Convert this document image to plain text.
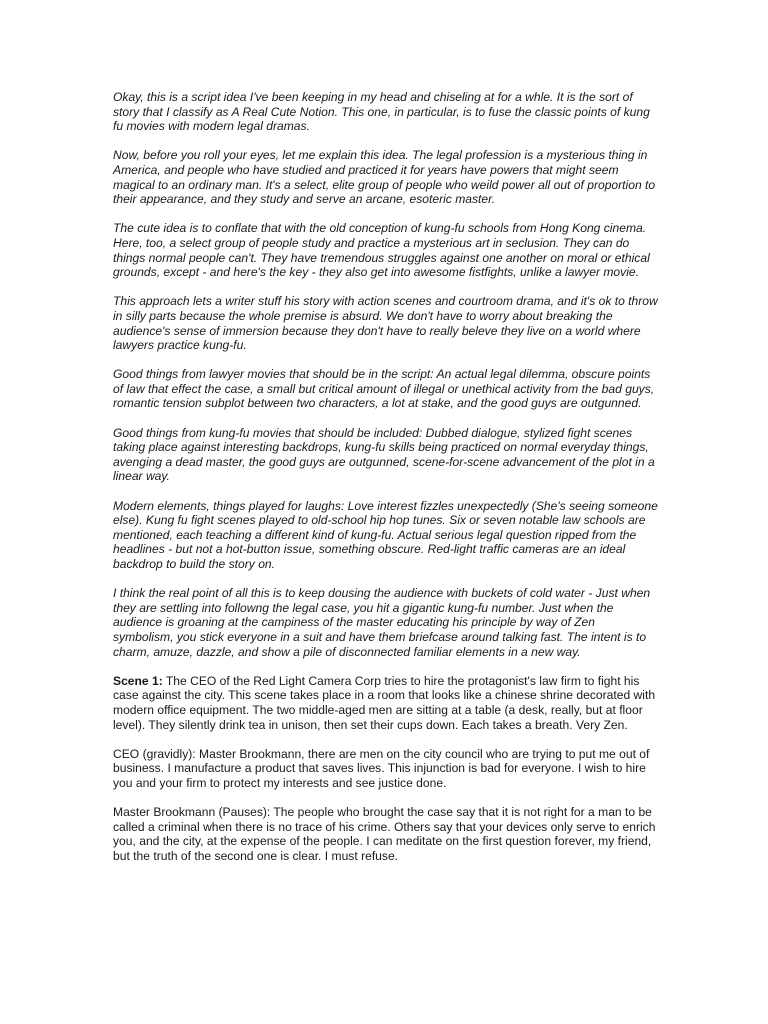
Okay, this is a script idea I've been keeping in my head and chiseling at for a whle. It is the sort of story that I classify as A Real Cute Notion. This one, in particular, is to fuse the classic points of kung fu movies with modern legal dramas.

Now, before you roll your eyes, let me explain this idea. The legal profession is a mysterious thing in America, and people who have studied and practiced it for years have powers that might seem magical to an ordinary man. It's a select, elite group of people who weild power all out of proportion to their appearance, and they study and serve an arcane, esoteric master.

The cute idea is to conflate that with the old conception of kung-fu schools from Hong Kong cinema. Here, too, a select group of people study and practice a mysterious art in seclusion. They can do things normal people can't. They have tremendous struggles against one another on moral or ethical grounds, except - and here's the key - they also get into awesome fistfights, unlike a lawyer movie.

This approach lets a writer stuff his story with action scenes and courtroom drama, and it's ok to throw in silly parts because the whole premise is absurd. We don't have to worry about breaking the audience's sense of immersion because they don't have to really beleve they live on a world where lawyers practice kung-fu.

Good things from lawyer movies that should be in the script: An actual legal dilemma, obscure points of law that effect the case, a small but critical amount of illegal or unethical activity from the bad guys, romantic tension subplot between two characters, a lot at stake, and the good guys are outgunned.

Good things from kung-fu movies that should be included: Dubbed dialogue, stylized fight scenes taking place against interesting backdrops, kung-fu skills being practiced on normal everyday things, avenging a dead master, the good guys are outgunned, scene-for-scene advancement of the plot in a linear way.

Modern elements, things played for laughs: Love interest fizzles unexpectedly (She's seeing someone else). Kung fu fight scenes played to old-school hip hop tunes. Six or seven notable law schools are mentioned, each teaching a different kind of kung-fu. Actual serious legal question ripped from the headlines - but not a hot-button issue, something obscure. Red-light traffic cameras are an ideal backdrop to build the story on.

I think the real point of all this is to keep dousing the audience with buckets of cold water - Just when they are settling into followng the legal case, you hit a gigantic kung-fu number. Just when the audience is groaning at the campiness of the master educating his principle by way of Zen symbolism, you stick everyone in a suit and have them briefcase around talking fast. The intent is to charm, amuze, dazzle, and show a pile of disconnected familiar elements in a new way.

Scene 1: The CEO of the Red Light Camera Corp tries to hire the protagonist's law firm to fight his case against the city. This scene takes place in a room that looks like a chinese shrine decorated with modern office equipment. The two middle-aged men are sitting at a table (a desk, really, but at floor level). They silently drink tea in unison, then set their cups down. Each takes a breath. Very Zen.

CEO (gravidly): Master Brookmann, there are men on the city council who are trying to put me out of business. I manufacture a product that saves lives. This injunction is bad for everyone. I wish to hire you and your firm to protect my interests and see justice done.

Master Brookmann (Pauses): The people who brought the case say that it is not right for a man to be called a criminal when there is no trace of his crime. Others say that your devices only serve to enrich you, and the city, at the expense of the people. I can meditate on the first question forever, my friend, but the truth of the second one is clear. I must refuse.
